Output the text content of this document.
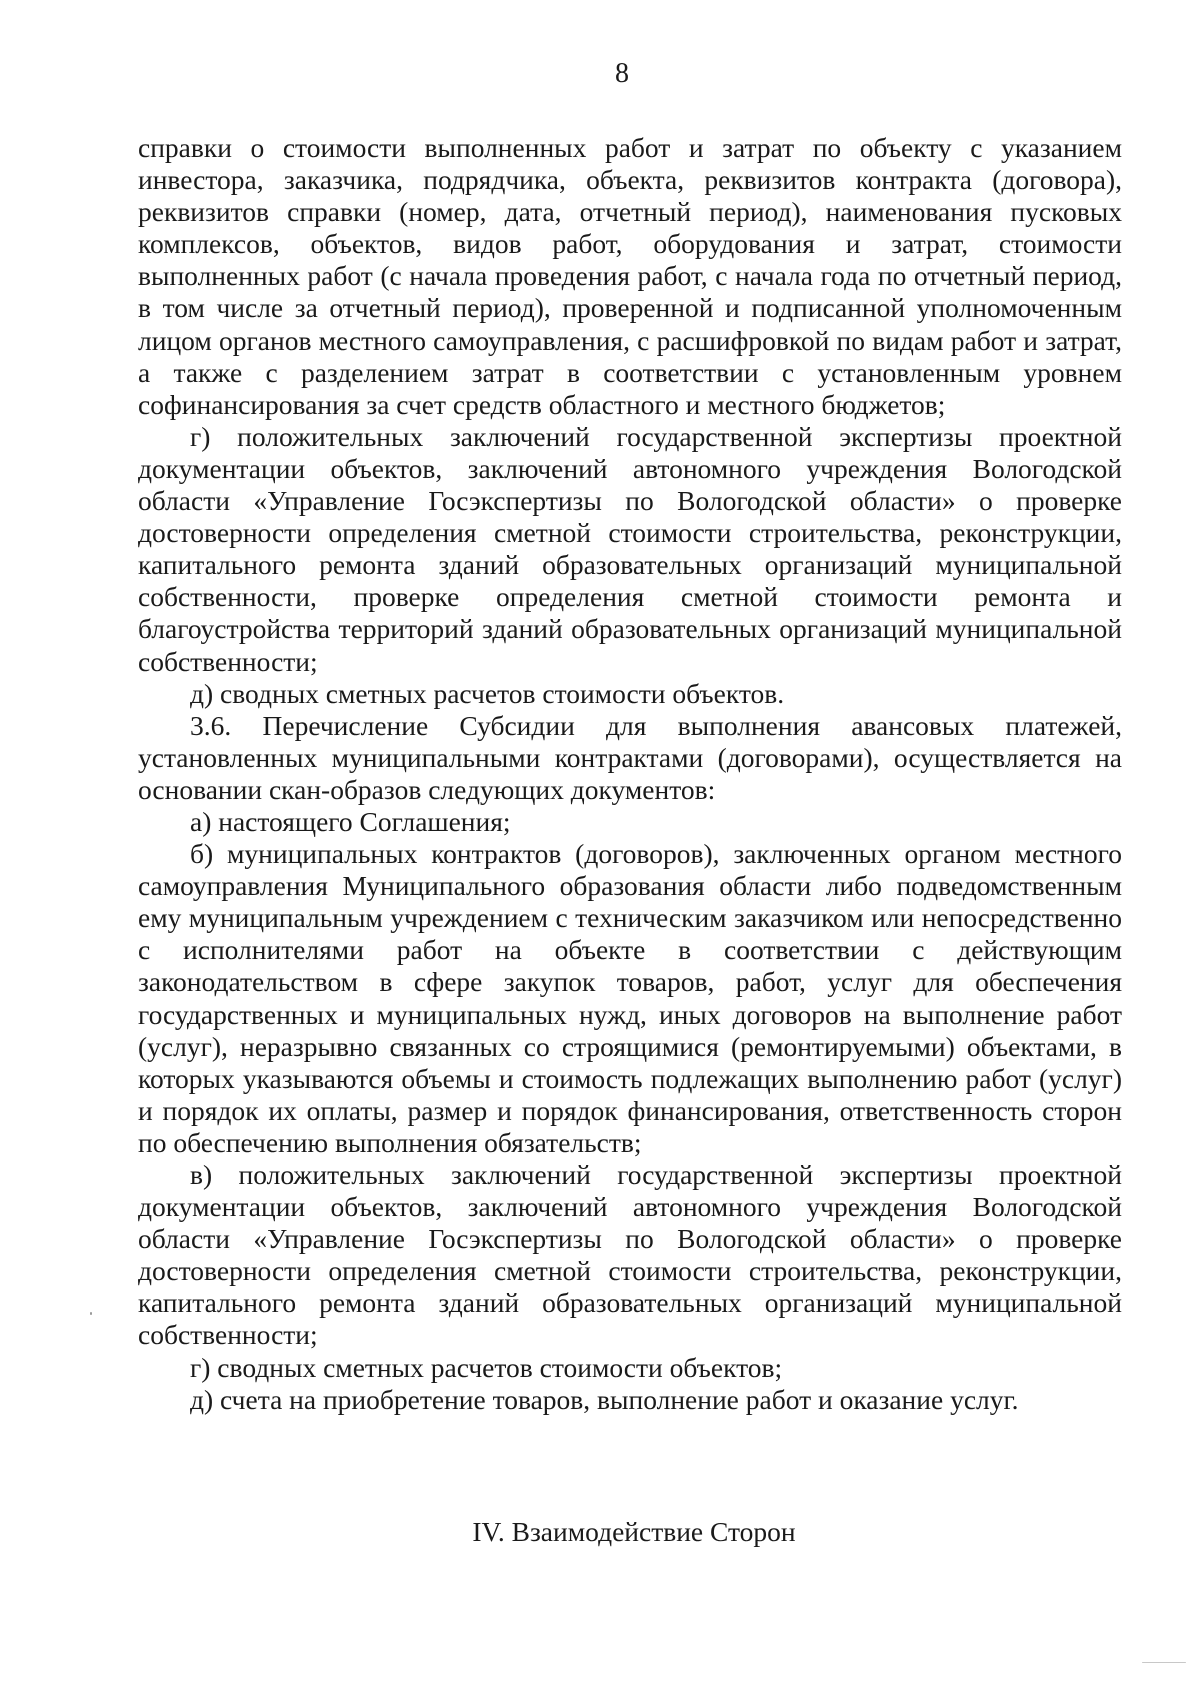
8

справки о стоимости выполненных работ и затрат по объекту с указанием инвестора, заказчика, подрядчика, объекта, реквизитов контракта (договора), реквизитов справки (номер, дата, отчетный период), наименования пусковых комплексов, объектов, видов работ, оборудования и затрат, стоимости выполненных работ (с начала проведения работ, с начала года по отчетный период, в том числе за отчетный период), проверенной и подписанной уполномоченным лицом органов местного самоуправления, с расшифровкой по видам работ и затрат, а также с разделением затрат в соответствии с установленным уровнем софинансирования за счет средств областного и местного бюджетов;

г) положительных заключений государственной экспертизы проектной документации объектов, заключений автономного учреждения Вологодской области «Управление Госэкспертизы по Вологодской области» о проверке достоверности определения сметной стоимости строительства, реконструкции, капитального ремонта зданий образовательных организаций муниципальной собственности, проверке определения сметной стоимости ремонта и благоустройства территорий зданий образовательных организаций муниципальной собственности;

д) сводных сметных расчетов стоимости объектов.

3.6. Перечисление Субсидии для выполнения авансовых платежей, установленных муниципальными контрактами (договорами), осуществляется на основании скан-образов следующих документов:

а) настоящего Соглашения;

б) муниципальных контрактов (договоров), заключенных органом местного самоуправления Муниципального образования области либо подведомственным ему муниципальным учреждением с техническим заказчиком или непосредственно с исполнителями работ на объекте в соответствии с действующим законодательством в сфере закупок товаров, работ, услуг для обеспечения государственных и муниципальных нужд, иных договоров на выполнение работ (услуг), неразрывно связанных со строящимися (ремонтируемыми) объектами, в которых указываются объемы и стоимость подлежащих выполнению работ (услуг) и порядок их оплаты, размер и порядок финансирования, ответственность сторон по обеспечению выполнения обязательств;

в) положительных заключений государственной экспертизы проектной документации объектов, заключений автономного учреждения Вологодской области «Управление Госэкспертизы по Вологодской области» о проверке достоверности определения сметной стоимости строительства, реконструкции, капитального ремонта зданий образовательных организаций муниципальной собственности;

г) сводных сметных расчетов стоимости объектов;

д) счета на приобретение товаров, выполнение работ и оказание услуг.

IV. Взаимодействие Сторон
